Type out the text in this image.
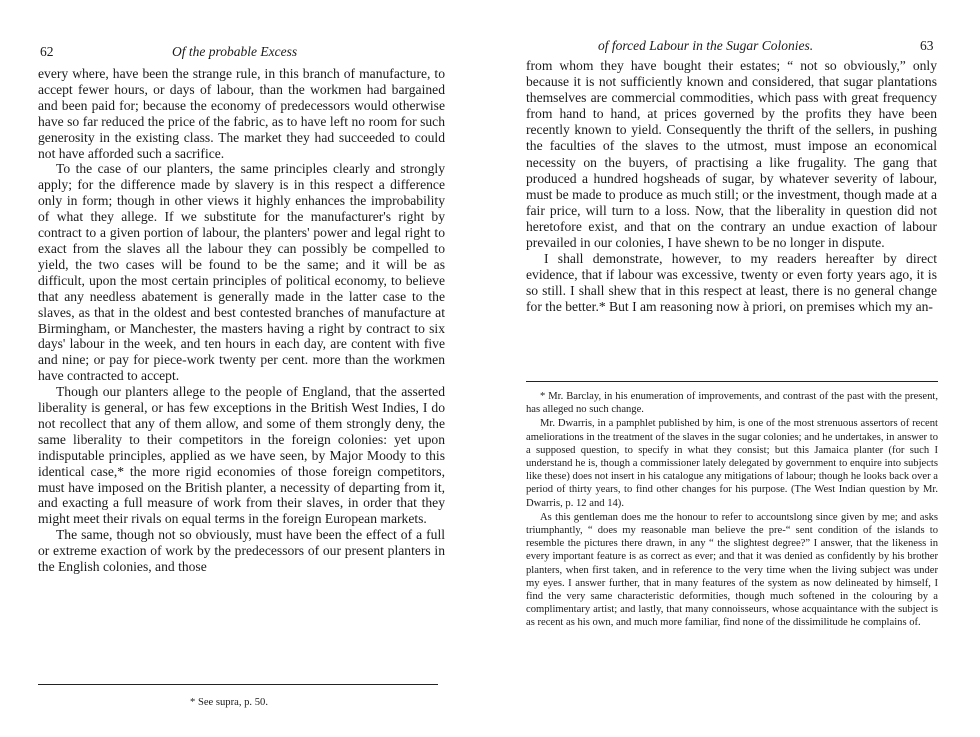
62	Of the probable Excess

every where, have been the strange rule, in this branch of manufacture, to accept fewer hours, or days of labour, than the workmen had bargained and been paid for; because the economy of predecessors would otherwise have so far reduced the price of the fabric, as to have left no room for such generosity in the existing class. The market they had succeeded to could not have afforded such a sacrifice.

To the case of our planters, the same principles clearly and strongly apply; for the difference made by slavery is in this respect a difference only in form; though in other views it highly enhances the improbability of what they allege. If we substitute for the manufacturer's right by contract to a given portion of labour, the planters' power and legal right to exact from the slaves all the labour they can possibly be compelled to yield, the two cases will be found to be the same; and it will be as difficult, upon the most certain principles of political economy, to believe that any needless abatement is generally made in the latter case to the slaves, as that in the oldest and best contested branches of manufacture at Birmingham, or Manchester, the masters having a right by contract to six days' labour in the week, and ten hours in each day, are content with five and nine; or pay for piece-work twenty per cent. more than the workmen have contracted to accept.

Though our planters allege to the people of England, that the asserted liberality is general, or has few exceptions in the British West Indies, I do not recollect that any of them allow, and some of them strongly deny, the same liberality to their competitors in the foreign colonies: yet upon indisputable principles, applied as we have seen, by Major Moody to this identical case,* the more rigid economies of those foreign competitors, must have imposed on the British planter, a necessity of departing from it, and exacting a full measure of work from their slaves, in order that they might meet their rivals on equal terms in the foreign European markets.

The same, though not so obviously, must have been the effect of a full or extreme exaction of work by the predecessors of our present planters in the English colonies, and those

* See supra, p. 50.
of forced Labour in the Sugar Colonies.	63

from whom they have bought their estates; “ not so obviously,” only because it is not sufficiently known and considered, that sugar plantations themselves are commercial commodities, which pass with great frequency from hand to hand, at prices governed by the profits they have been recently known to yield. Consequently the thrift of the sellers, in pushing the faculties of the slaves to the utmost, must impose an economical necessity on the buyers, of practising a like frugality. The gang that produced a hundred hogsheads of sugar, by whatever severity of labour, must be made to produce as much still; or the investment, though made at a fair price, will turn to a loss. Now, that the liberality in question did not heretofore exist, and that on the contrary an undue exaction of labour prevailed in our colonies, I have shewn to be no longer in dispute.

I shall demonstrate, however, to my readers hereafter by direct evidence, that if labour was excessive, twenty or even forty years ago, it is so still. I shall shew that in this respect at least, there is no general change for the better.* But I am reasoning now à priori, on premises which my an-

* Mr. Barclay, in his enumeration of improvements, and contrast of the past with the present, has alleged no such change.

Mr. Dwarris, in a pamphlet published by him, is one of the most strenuous assertors of recent ameliorations in the treatment of the slaves in the sugar colonies; and he undertakes, in answer to a supposed question, to specify in what they consist; but this Jamaica planter (for such I understand he is, though a commissioner lately delegated by government to enquire into subjects like these) does not insert in his catalogue any mitigations of labour; though he looks back over a period of thirty years, to find other changes for his purpose. (The West Indian question by Mr. Dwarris, p. 12 and 14).

As this gentleman does me the honour to refer to accountslong since given by me; and asks triumphantly, “ does my reasonable man believe the pre-“ sent condition of the islands to resemble the pictures there drawn, in any “ the slightest degree?” I answer, that the likeness in every important feature is as correct as ever; and that it was denied as confidently by his brother planters, when first taken, and in reference to the very time when the living subject was under my eyes. I answer further, that in many features of the system as now delineated by himself, I find the very same characteristic deformities, though much softened in the colouring by a complimentary artist; and lastly, that many connoisseurs, whose acquaintance with the subject is as recent as his own, and much more familiar, find none of the dissimilitude he complains of.
